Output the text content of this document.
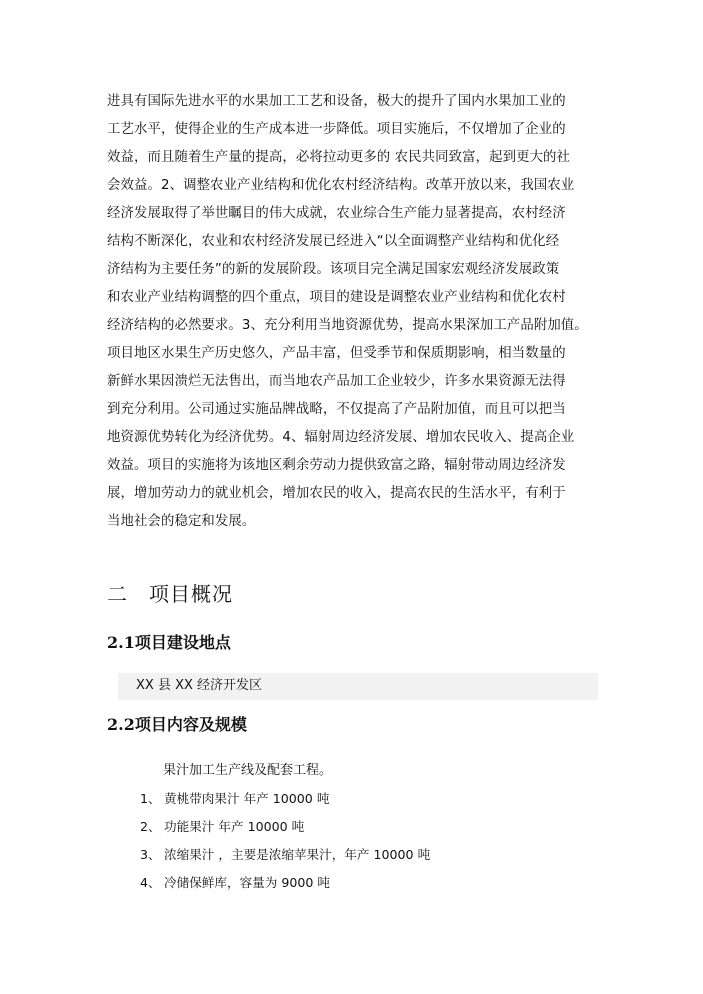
进具有国际先进水平的水果加工工艺和设备，极大的提升了国内水果加工业的
工艺水平，使得企业的生产成本进一步降低。项目实施后，不仅增加了企业的
效益，而且随着生产量的提高，必将拉动更多的 农民共同致富，起到更大的社
会效益。2、调整农业产业结构和优化农村经济结构。改革开放以来，我国农业
经济发展取得了举世瞩目的伟大成就，农业综合生产能力显著提高，农村经济
结构不断深化，农业和农村经济发展已经进入“以全面调整产业结构和优化经
济结构为主要任务”的新的发展阶段。该项目完全满足国家宏观经济发展政策
和农业产业结构调整的四个重点，项目的建设是调整农业产业结构和优化农村
经济结构的必然要求。3、充分利用当地资源优势，提高水果深加工产品附加值。
项目地区水果生产历史悠久，产品丰富，但受季节和保质期影响，相当数量的
新鲜水果因溃烂无法售出，而当地农产品加工企业较少，许多水果资源无法得
到充分利用。公司通过实施品牌战略，不仅提高了产品附加值，而且可以把当
地资源优势转化为经济优势。4、辐射周边经济发展、增加农民收入、提高企业
效益。项目的实施将为该地区剩余劳动力提供致富之路，辐射带动周边经济发
展，增加劳动力的就业机会，增加农民的收入，提高农民的生活水平，有利于
当地社会的稳定和发展。
二 项目概况
2.1项目建设地点
XX 县 XX 经济开发区
2.2项目内容及规模
果汁加工生产线及配套工程。
1、 黄桃带肉果汁 年产 10000 吨
2、 功能果汁 年产 10000 吨
3、 浓缩果汁 ，主要是浓缩苹果汁，年产 10000 吨
4、 冷储保鲜库，容量为 9000 吨
